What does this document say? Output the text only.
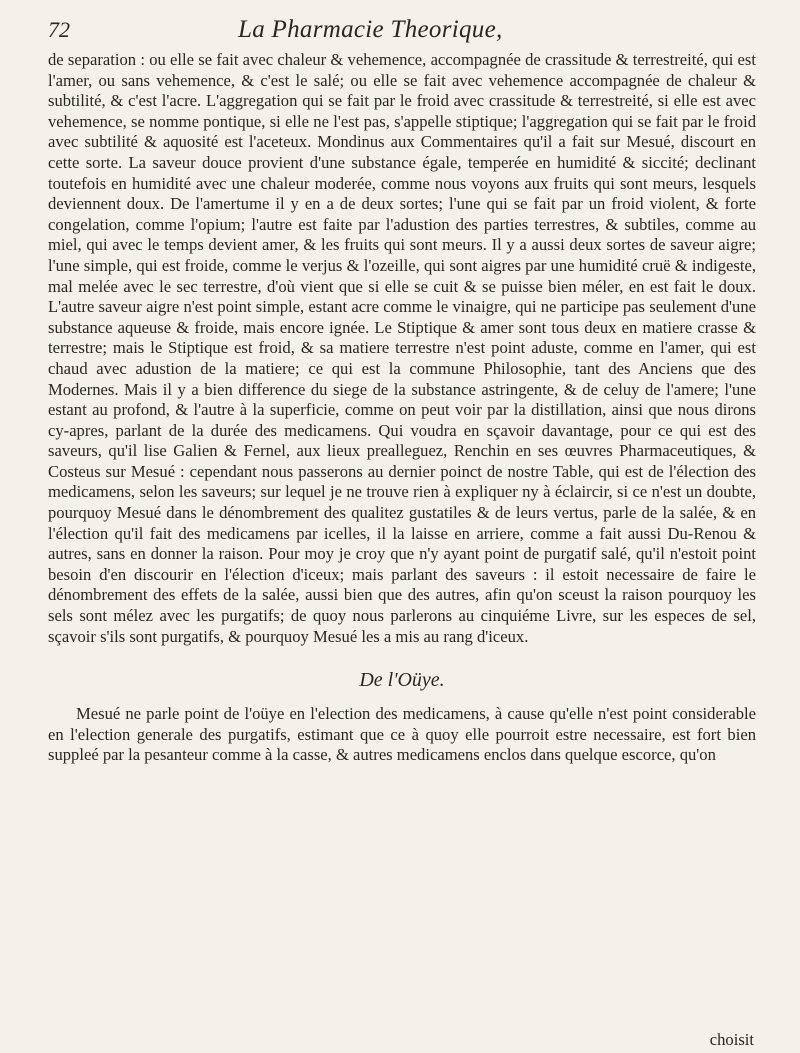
72	La Pharmacie Theorique,

de separation : ou elle se fait avec chaleur & vehemence, accompagnée de crassitude & terrestreité, qui est l'amer, ou sans vehemence, & c'est le salé; ou elle se fait avec vehemence accompagnée de chaleur & subtilité, & c'est l'acre. L'aggregation qui se fait par le froid avec crassitude & terrestreité, si elle est avec vehemence, se nomme pontique, si elle ne l'est pas, s'appelle stiptique; l'aggregation qui se fait par le froid avec subtilité & aquosité est l'aceteux. Mondinus aux Commentaires qu'il a fait sur Mesué, discourt en cette sorte. La saveur douce provient d'une substance égale, temperée en humidité & siccité; declinant toutefois en humidité avec une chaleur moderée, comme nous voyons aux fruits qui sont meurs, lesquels deviennent doux. De l'amertume il y en a de deux sortes; l'une qui se fait par un froid violent, & forte congelation, comme l'opium; l'autre est faite par l'adustion des parties terrestres, & subtiles, comme au miel, qui avec le temps devient amer, & les fruits qui sont meurs. Il y a aussi deux sortes de saveur aigre; l'une simple, qui est froide, comme le verjus & l'ozeille, qui sont aigres par une humidité cruë & indigeste, mal melée avec le sec terrestre, d'où vient que si elle se cuit & se puisse bien méler, en est fait le doux. L'autre saveur aigre n'est point simple, estant acre comme le vinaigre, qui ne participe pas seulement d'une substance aqueuse & froide, mais encore ignée. Le Stiptique & amer sont tous deux en matiere crasse & terrestre; mais le Stiptique est froid, & sa matiere terrestre n'est point aduste, comme en l'amer, qui est chaud avec adustion de la matiere; ce qui est la commune Philosophie, tant des Anciens que des Modernes. Mais il y a bien difference du siege de la substance astringente, & de celuy de l'amere; l'une estant au profond, & l'autre à la superficie, comme on peut voir par la distillation, ainsi que nous dirons cy-apres, parlant de la durée des medicamens. Qui voudra en sçavoir davantage, pour ce qui est des saveurs, qu'il lise Galien & Fernel, aux lieux prealleguez, Renchin en ses œuvres Pharmaceutiques, & Costeus sur Mesué : cependant nous passerons au dernier poinct de nostre Table, qui est de l'élection des medicamens, selon les saveurs; sur lequel je ne trouve rien à expliquer ny à éclaircir, si ce n'est un doubte, pourquoy Mesué dans le dénombrement des qualitez gustatiles & de leurs vertus, parle de la salée, & en l'élection qu'il fait des medicamens par icelles, il la laisse en arriere, comme a fait aussi Du-Renou & autres, sans en donner la raison. Pour moy je croy que n'y ayant point de purgatif salé, qu'il n'estoit point besoin d'en discourir en l'élection d'iceux; mais parlant des saveurs : il estoit necessaire de faire le dénombrement des effets de la salée, aussi bien que des autres, afin qu'on sceust la raison pourquoy les sels sont mélez avec les purgatifs; de quoy nous parlerons au cinquiéme Livre, sur les especes de sel, sçavoir s'ils sont purgatifs, & pourquoy Mesué les a mis au rang d'iceux.

De l'Oüye.

Mesué ne parle point de l'oüye en l'election des medicamens, à cause qu'elle n'est point considerable en l'election generale des purgatifs, estimant que ce à quoy elle pourroit estre necessaire, est fort bien suppleé par la pesanteur comme à la casse, & autres medicamens enclos dans quelque escorce, qu'on

choisit
